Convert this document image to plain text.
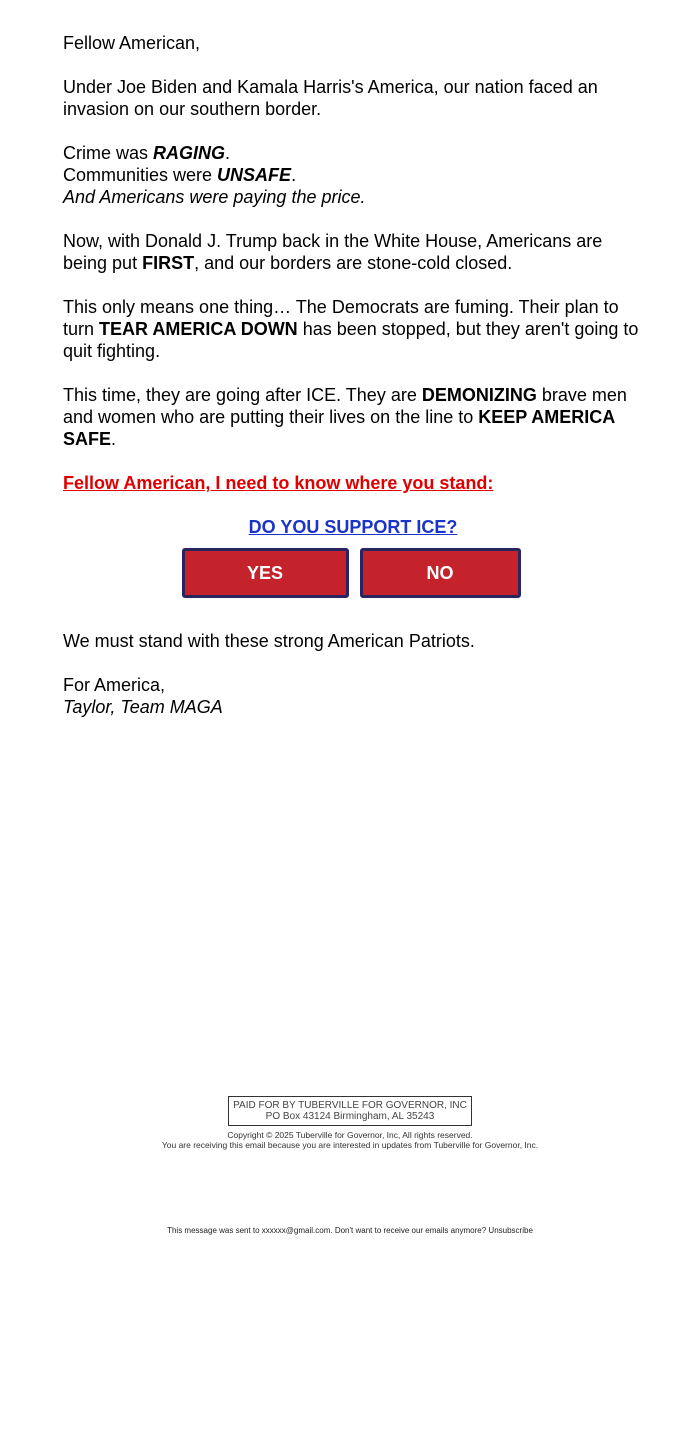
Fellow American,

Under Joe Biden and Kamala Harris's America, our nation faced an invasion on our southern border.

Crime was RAGING.
Communities were UNSAFE.
And Americans were paying the price.

Now, with Donald J. Trump back in the White House, Americans are being put FIRST, and our borders are stone-cold closed.

This only means one thing… The Democrats are fuming. Their plan to turn TEAR AMERICA DOWN has been stopped, but they aren't going to quit fighting.

This time, they are going after ICE. They are DEMONIZING brave men and women who are putting their lives on the line to KEEP AMERICA SAFE.

Fellow American, I need to know where you stand:

DO YOU SUPPORT ICE?
YES	NO

We must stand with these strong American Patriots.

For America,
Taylor, Team MAGA

PAID FOR BY TUBERVILLE FOR GOVERNOR, INC
PO Box 43124 Birmingham, AL 35243
Copyright © 2025 Tuberville for Governor, Inc, All rights reserved.
You are receiving this email because you are interested in updates from Tuberville for Governor, Inc.
This message was sent to xxxxxx@gmail.com. Don't want to receive our emails anymore? Unsubscribe
